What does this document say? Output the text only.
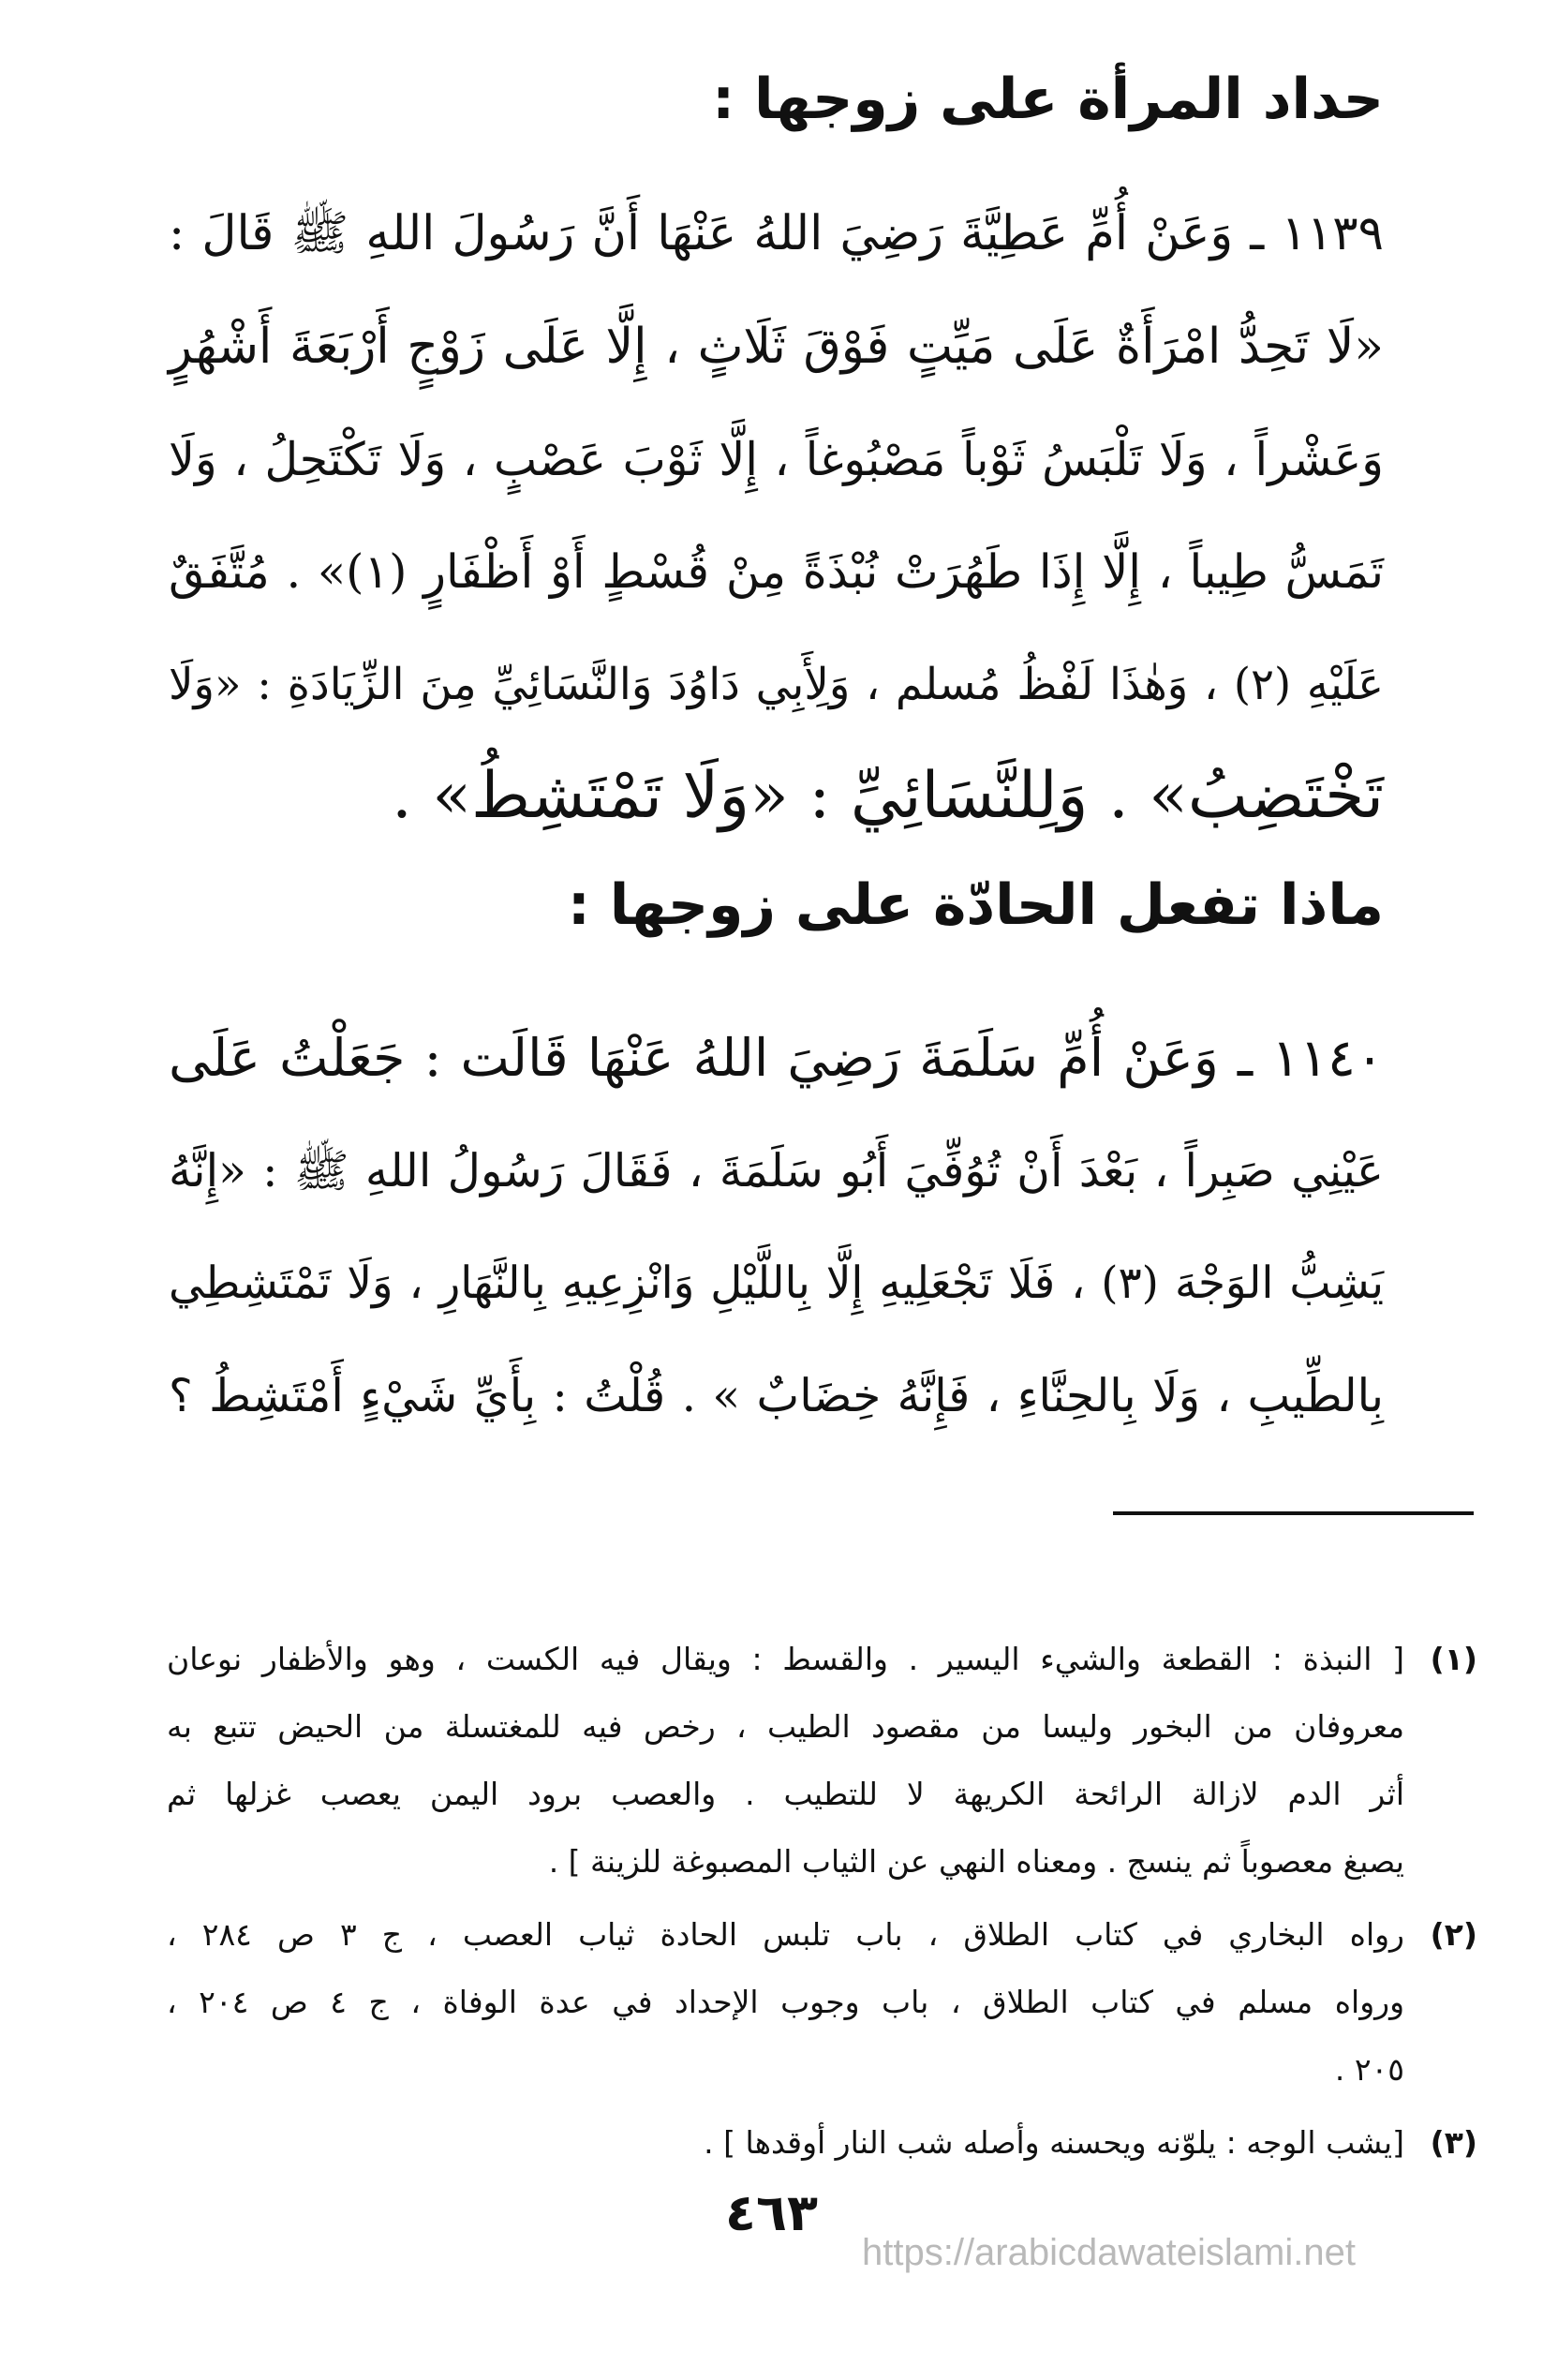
حداد المرأة على زوجها :
١١٣٩ ـ وَعَنْ أُمِّ عَطِيَّةَ رَضِيَ اللهُ عَنْهَا أَنَّ رَسُولَ اللهِ ﷺ قَالَ :
«لَا تَحِدُّ امْرَأَةٌ عَلَى مَيِّتٍ فَوْقَ ثَلَاثٍ ، إِلَّا عَلَى زَوْجٍ أَرْبَعَةَ أَشْهُرٍ
وَعَشْراً ، وَلَا تَلْبَسُ ثَوْباً مَصْبُوغاً ، إِلَّا ثَوْبَ عَصْبٍ ، وَلَا تَكْتَحِلُ ، وَلَا
تَمَسُّ طِيباً ، إِلَّا إِذَا طَهُرَتْ نُبْذَةً مِنْ قُسْطٍ أَوْ أَظْفَارٍ (١)» . مُتَّفَقٌ
عَلَيْهِ (٢) ، وَهٰذَا لَفْظُ مُسلم ، وَلِأَبِي دَاوُدَ وَالنَّسَائِيِّ مِنَ الزِّيَادَةِ : «وَلَا
تَخْتَضِبُ» . وَلِلنَّسَائِيِّ : «وَلَا تَمْتَشِطُ» .
ماذا تفعل الحادّة على زوجها :
١١٤٠ ـ وَعَنْ أُمِّ سَلَمَةَ رَضِيَ اللهُ عَنْهَا قَالَت : جَعَلْتُ عَلَى
عَيْنِي صَبِراً ، بَعْدَ أَنْ تُوُفِّيَ أَبُو سَلَمَةَ ، فَقَالَ رَسُولُ اللهِ ﷺ : «إِنَّهُ
يَشِبُّ الوَجْهَ (٣) ، فَلَا تَجْعَلِيهِ إِلَّا بِاللَّيْلِ وَانْزِعِيهِ بِالنَّهَارِ ، وَلَا تَمْتَشِطِي
بِالطِّيبِ ، وَلَا بِالحِنَّاءِ ، فَإِنَّهُ خِضَابٌ » . قُلْتُ : بِأَيِّ شَيْءٍ أَمْتَشِطُ ؟
(١)
[ النبذة : القطعة والشيء اليسير . والقسط : ويقال فيه الكست ، وهو والأظفار نوعان
معروفان من البخور وليسا من مقصود الطيب ، رخص فيه للمغتسلة من الحيض تتبع به
أثر الدم لازالة الرائحة الكريهة لا للتطيب . والعصب برود اليمن يعصب غزلها ثم
يصبغ معصوباً ثم ينسج . ومعناه النهي عن الثياب المصبوغة للزينة ] .
(٢)
رواه البخاري في كتاب الطلاق ، باب تلبس الحادة ثياب العصب ، ج ٣ ص ٢٨٤ ،
ورواه مسلم في كتاب الطلاق ، باب وجوب الإحداد في عدة الوفاة ، ج ٤ ص ٢٠٤ ،
٢٠٥ .
(٣)
[يشب الوجه : يلوّنه ويحسنه وأصله شب النار أوقدها ] .
٤٦٣
https://arabicdawateislami.net
